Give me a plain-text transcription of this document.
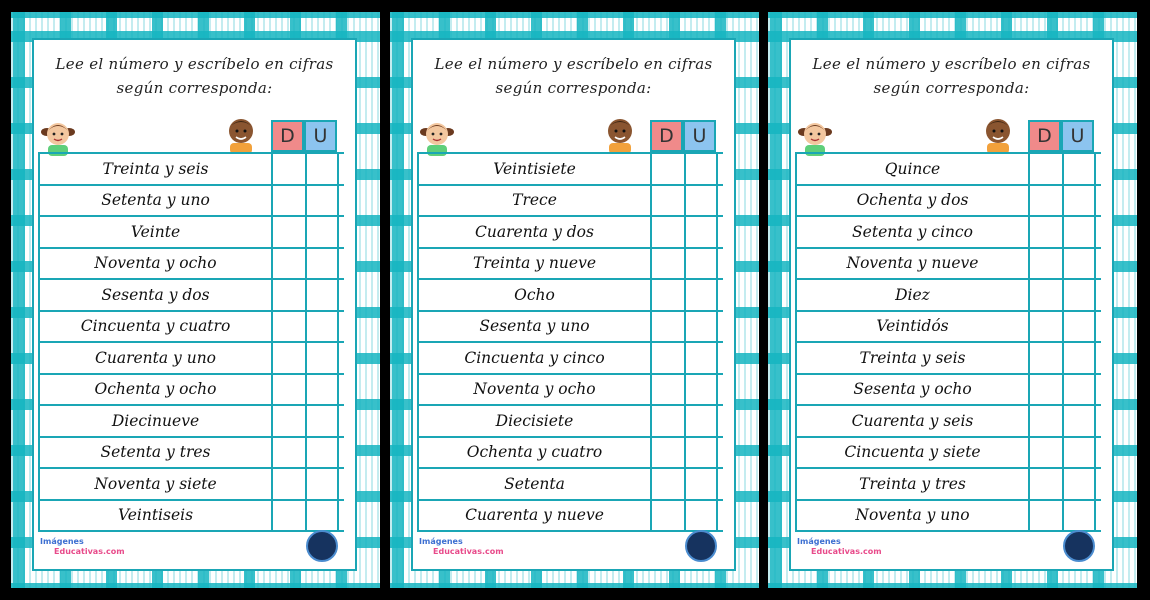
Lee el número y escríbelo en cifras según corresponda:
D U
Treinta y seis
Setenta y uno
Veinte
Noventa y ocho
Sesenta y dos
Cincuenta y cuatro
Cuarenta y uno
Ochenta y ocho
Diecinueve
Setenta y tres
Noventa y siete
Veintiseis
Imágenes
Educativas.com
Lee el número y escríbelo en cifras según corresponda:
D U
Veintisiete
Trece
Cuarenta y dos
Treinta y nueve
Ocho
Sesenta y uno
Cincuenta y cinco
Noventa y ocho
Diecisiete
Ochenta y cuatro
Setenta
Cuarenta y nueve
Imágenes
Educativas.com
Lee el número y escríbelo en cifras según corresponda:
D U
Quince
Ochenta y dos
Setenta y cinco
Noventa y nueve
Diez
Veintidós
Treinta y seis
Sesenta y ocho
Cuarenta y seis
Cincuenta y siete
Treinta y tres
Noventa y uno
Imágenes
Educativas.com
